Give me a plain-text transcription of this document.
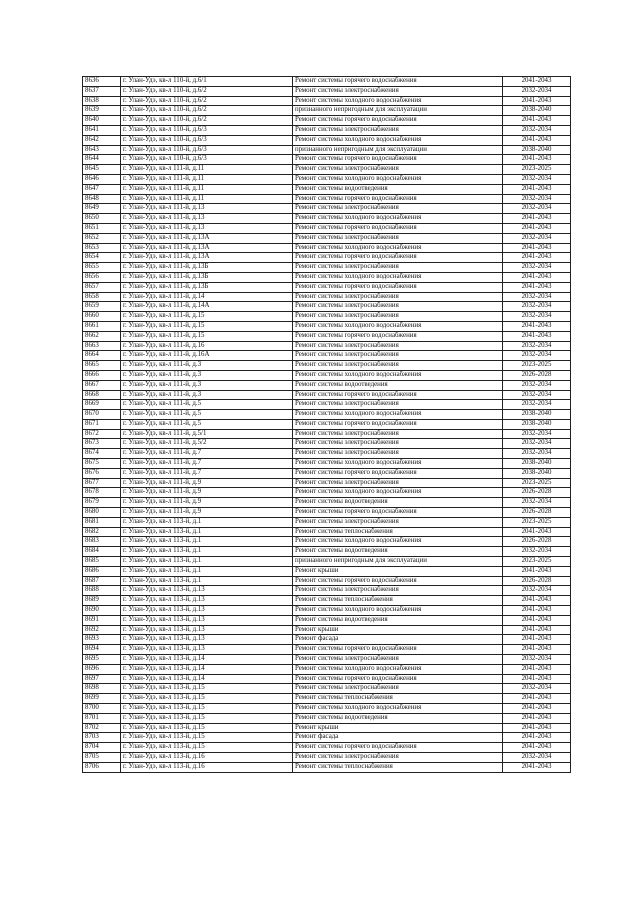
8636	г. Улан-Удэ, кв-л 110-й, д.6/1	Ремонт системы горячего водоснабжения	2041-2043
8637	г. Улан-Удэ, кв-л 110-й, д.6/2	Ремонт системы электроснабжения	2032-2034
8638	г. Улан-Удэ, кв-л 110-й, д.6/2	Ремонт системы холодного водоснабжения	2041-2043
8639	г. Улан-Удэ, кв-л 110-й, д.6/2	признанного непригодным для эксплуатации	2038-2040
8640	г. Улан-Удэ, кв-л 110-й, д.6/2	Ремонт системы горячего водоснабжения	2041-2043
8641	г. Улан-Удэ, кв-л 110-й, д.6/3	Ремонт системы электроснабжения	2032-2034
8642	г. Улан-Удэ, кв-л 110-й, д.6/3	Ремонт системы холодного водоснабжения	2041-2043
8643	г. Улан-Удэ, кв-л 110-й, д.6/3	признанного непригодным для эксплуатации	2038-2040
8644	г. Улан-Удэ, кв-л 110-й, д.6/3	Ремонт системы горячего водоснабжения	2041-2043
8645	г. Улан-Удэ, кв-л 111-й, д.11	Ремонт системы электроснабжения	2023-2025
8646	г. Улан-Удэ, кв-л 111-й, д.11	Ремонт системы холодного водоснабжения	2032-2034
8647	г. Улан-Удэ, кв-л 111-й, д.11	Ремонт системы водоотведения	2041-2043
8648	г. Улан-Удэ, кв-л 111-й, д.11	Ремонт системы горячего водоснабжения	2032-2034
8649	г. Улан-Удэ, кв-л 111-й, д.13	Ремонт системы электроснабжения	2032-2034
8650	г. Улан-Удэ, кв-л 111-й, д.13	Ремонт системы холодного водоснабжения	2041-2043
8651	г. Улан-Удэ, кв-л 111-й, д.13	Ремонт системы горячего водоснабжения	2041-2043
8652	г. Улан-Удэ, кв-л 111-й, д.13А	Ремонт системы электроснабжения	2032-2034
8653	г. Улан-Удэ, кв-л 111-й, д.13А	Ремонт системы холодного водоснабжения	2041-2043
8654	г. Улан-Удэ, кв-л 111-й, д.13А	Ремонт системы горячего водоснабжения	2041-2043
8655	г. Улан-Удэ, кв-л 111-й, д.13Б	Ремонт системы электроснабжения	2032-2034
8656	г. Улан-Удэ, кв-л 111-й, д.13Б	Ремонт системы холодного водоснабжения	2041-2043
8657	г. Улан-Удэ, кв-л 111-й, д.13Б	Ремонт системы горячего водоснабжения	2041-2043
8658	г. Улан-Удэ, кв-л 111-й, д.14	Ремонт системы электроснабжения	2032-2034
8659	г. Улан-Удэ, кв-л 111-й, д.14А	Ремонт системы электроснабжения	2032-2034
8660	г. Улан-Удэ, кв-л 111-й, д.15	Ремонт системы электроснабжения	2032-2034
8661	г. Улан-Удэ, кв-л 111-й, д.15	Ремонт системы холодного водоснабжения	2041-2043
8662	г. Улан-Удэ, кв-л 111-й, д.15	Ремонт системы горячего водоснабжения	2041-2043
8663	г. Улан-Удэ, кв-л 111-й, д.16	Ремонт системы электроснабжения	2032-2034
8664	г. Улан-Удэ, кв-л 111-й, д.16А	Ремонт системы электроснабжения	2032-2034
8665	г. Улан-Удэ, кв-л 111-й, д.3	Ремонт системы электроснабжения	2023-2025
8666	г. Улан-Удэ, кв-л 111-й, д.3	Ремонт системы холодного водоснабжения	2026-2028
8667	г. Улан-Удэ, кв-л 111-й, д.3	Ремонт системы водоотведения	2032-2034
8668	г. Улан-Удэ, кв-л 111-й, д.3	Ремонт системы горячего водоснабжения	2032-2034
8669	г. Улан-Удэ, кв-л 111-й, д.5	Ремонт системы электроснабжения	2032-2034
8670	г. Улан-Удэ, кв-л 111-й, д.5	Ремонт системы холодного водоснабжения	2038-2040
8671	г. Улан-Удэ, кв-л 111-й, д.5	Ремонт системы горячего водоснабжения	2038-2040
8672	г. Улан-Удэ, кв-л 111-й, д.5/1	Ремонт системы электроснабжения	2032-2034
8673	г. Улан-Удэ, кв-л 111-й, д.5/2	Ремонт системы электроснабжения	2032-2034
8674	г. Улан-Удэ, кв-л 111-й, д.7	Ремонт системы электроснабжения	2032-2034
8675	г. Улан-Удэ, кв-л 111-й, д.7	Ремонт системы холодного водоснабжения	2038-2040
8676	г. Улан-Удэ, кв-л 111-й, д.7	Ремонт системы горячего водоснабжения	2038-2040
8677	г. Улан-Удэ, кв-л 111-й, д.9	Ремонт системы электроснабжения	2023-2025
8678	г. Улан-Удэ, кв-л 111-й, д.9	Ремонт системы холодного водоснабжения	2026-2028
8679	г. Улан-Удэ, кв-л 111-й, д.9	Ремонт системы водоотведения	2032-2034
8680	г. Улан-Удэ, кв-л 111-й, д.9	Ремонт системы горячего водоснабжения	2026-2028
8681	г. Улан-Удэ, кв-л 113-й, д.1	Ремонт системы электроснабжения	2023-2025
8682	г. Улан-Удэ, кв-л 113-й, д.1	Ремонт системы теплоснабжения	2041-2043
8683	г. Улан-Удэ, кв-л 113-й, д.1	Ремонт системы холодного водоснабжения	2026-2028
8684	г. Улан-Удэ, кв-л 113-й, д.1	Ремонт системы водоотведения	2032-2034
8685	г. Улан-Удэ, кв-л 113-й, д.1	признанного непригодным для эксплуатации	2023-2025
8686	г. Улан-Удэ, кв-л 113-й, д.1	Ремонт крыши	2041-2043
8687	г. Улан-Удэ, кв-л 113-й, д.1	Ремонт системы горячего водоснабжения	2026-2028
8688	г. Улан-Удэ, кв-л 113-й, д.13	Ремонт системы электроснабжения	2032-2034
8689	г. Улан-Удэ, кв-л 113-й, д.13	Ремонт системы теплоснабжения	2041-2043
8690	г. Улан-Удэ, кв-л 113-й, д.13	Ремонт системы холодного водоснабжения	2041-2043
8691	г. Улан-Удэ, кв-л 113-й, д.13	Ремонт системы водоотведения	2041-2043
8692	г. Улан-Удэ, кв-л 113-й, д.13	Ремонт крыши	2041-2043
8693	г. Улан-Удэ, кв-л 113-й, д.13	Ремонт фасада	2041-2043
8694	г. Улан-Удэ, кв-л 113-й, д.13	Ремонт системы горячего водоснабжения	2041-2043
8695	г. Улан-Удэ, кв-л 113-й, д.14	Ремонт системы электроснабжения	2032-2034
8696	г. Улан-Удэ, кв-л 113-й, д.14	Ремонт системы холодного водоснабжения	2041-2043
8697	г. Улан-Удэ, кв-л 113-й, д.14	Ремонт системы горячего водоснабжения	2041-2043
8698	г. Улан-Удэ, кв-л 113-й, д.15	Ремонт системы электроснабжения	2032-2034
8699	г. Улан-Удэ, кв-л 113-й, д.15	Ремонт системы теплоснабжения	2041-2043
8700	г. Улан-Удэ, кв-л 113-й, д.15	Ремонт системы холодного водоснабжения	2041-2043
8701	г. Улан-Удэ, кв-л 113-й, д.15	Ремонт системы водоотведения	2041-2043
8702	г. Улан-Удэ, кв-л 113-й, д.15	Ремонт крыши	2041-2043
8703	г. Улан-Удэ, кв-л 113-й, д.15	Ремонт фасада	2041-2043
8704	г. Улан-Удэ, кв-л 113-й, д.15	Ремонт системы горячего водоснабжения	2041-2043
8705	г. Улан-Удэ, кв-л 113-й, д.16	Ремонт системы электроснабжения	2032-2034
8706	г. Улан-Удэ, кв-л 113-й, д.16	Ремонт системы теплоснабжения	2041-2043
